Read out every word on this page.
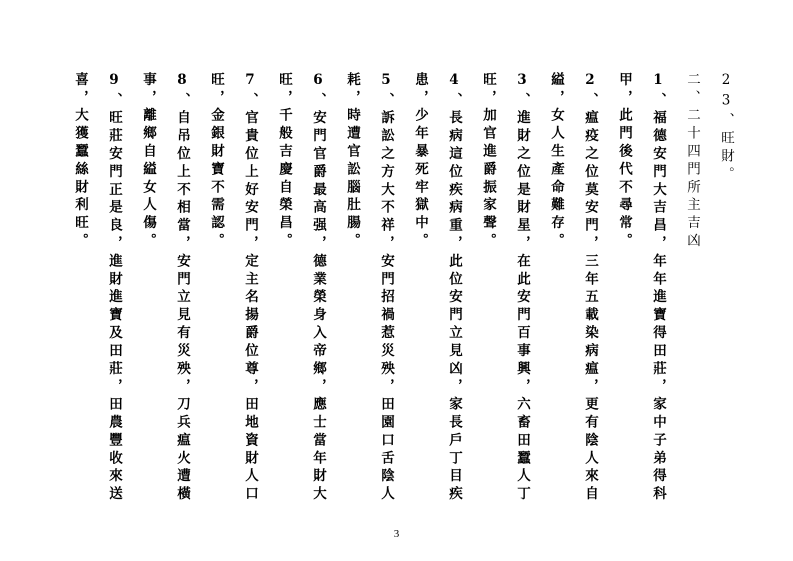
23、旺財。
二、二十四門所主吉凶
1、福德安門大吉昌，年年進寶得田莊，家中子弟得科
甲，此門後代不尋常。
2、瘟疫之位莫安門，三年五載染病瘟，更有陰人來自
縊，女人生產命難存。
3、進財之位是財星，在此安門百事興，六畜田蠶人丁
旺，加官進爵振家聲。
4、長病這位疾病重，此位安門立見凶，家長戶丁目疾
患，少年暴死牢獄中。
5、訴訟之方大不祥，安門招禍惹災殃，田園口舌陰人
耗，時遭官訟腦肚腸。
6、安門官爵最高强，德業榮身入帝鄉，應士當年財大
旺，千般吉慶自榮昌。
7、官貴位上好安門，定主名揚爵位尊，田地資財人口
旺，金銀財寶不需認。
8、自吊位上不相當，安門立見有災殃，刀兵瘟火遭橫
事，離鄉自縊女人傷。
9、旺莊安門正是良，進財進寶及田莊，田農豐收來送
喜，大獲蠶絲財利旺。
3
